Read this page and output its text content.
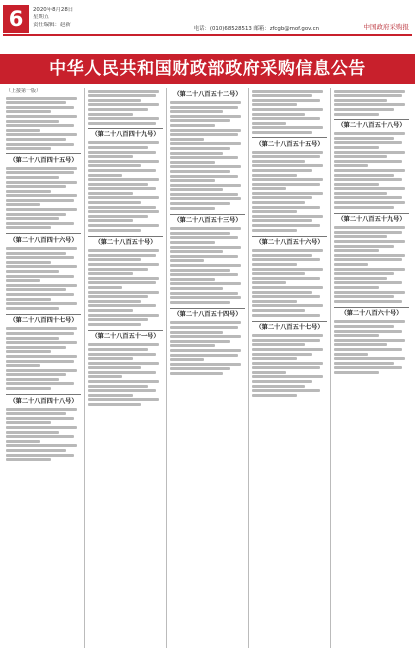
6	2020年8月28日
星期五
责任编辑：赵新
电话：(010)68528513 邮箱：zfcgb@mof.gov.cn	中国政府采购报
中华人民共和国财政部政府采购信息公告
（上接第一版）
（第二十八百四十五号）
（第二十八百四十六号）
（第二十八百四十七号）
（第二十八百四十八号）
（第二十八百四十九号）
（第二十八百五十号）
（第二十八百五十一号）
（第二十八百五十二号）
（第二十八百五十三号）
（第二十八百五十四号）
（第二十八百五十五号）
（第二十八百五十六号）
（第二十八百五十七号）
（第二十八百五十八号）
（第二十八百五十九号）
（第二十八百六十号）
